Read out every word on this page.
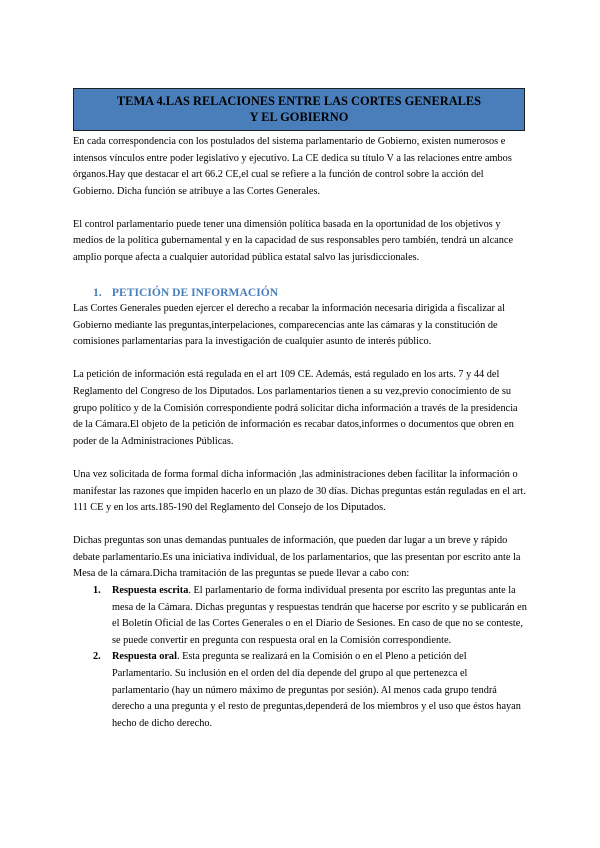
TEMA 4.LAS RELACIONES ENTRE LAS CORTES GENERALES
Y EL GOBIERNO

En cada correspondencia con los postulados del sistema parlamentario de Gobierno, existen numerosos e intensos vínculos entre poder legislativo y ejecutivo. La CE dedica su título V a las relaciones entre ambos órganos.Hay que destacar el art 66.2 CE,el cual se refiere a la función de control sobre la acción del Gobierno. Dicha función se atribuye a las Cortes Generales.

El control parlamentario puede tener una dimensión política basada en la oportunidad de los objetivos y medios de la política gubernamental y en la capacidad de sus responsables pero también, tendrá un alcance amplio porque afecta a cualquier autoridad pública estatal salvo las jurisdiccionales.

1. PETICIÓN DE INFORMACIÓN

Las Cortes Generales pueden ejercer el derecho a recabar la información necesaria dirigida a fiscalizar al Gobierno mediante las preguntas,interpelaciones, comparecencias ante las cámaras y la constitución de comisiones parlamentarias para la investigación de cualquier asunto de interés público.

La petición de información está regulada en el art 109 CE. Además, está regulado en los arts. 7 y 44 del Reglamento del Congreso de los Diputados. Los parlamentarios tienen a su vez,previo conocimiento de su grupo político y de la Comisión correspondiente podrá solicitar dicha información a través de la presidencia de la Cámara.El objeto de la petición de información es recabar datos,informes o documentos que obren en poder de la Administraciones Públicas.

Una vez solicitada de forma formal dicha información ,las administraciones deben facilitar la información o manifestar las razones que impiden hacerlo en un plazo de 30 días. Dichas preguntas están reguladas en el art. 111 CE y en los arts.185-190 del Reglamento del Consejo de los Diputados.

Dichas preguntas son unas demandas puntuales de información, que pueden dar lugar a un breve y rápido debate parlamentario.Es una iniciativa individual, de los parlamentarios, que las presentan por escrito ante la Mesa de la cámara.Dicha tramitación de las preguntas se puede llevar a cabo con:

1. Respuesta escrita. El parlamentario de forma individual presenta por escrito las preguntas ante la mesa de la Cámara. Dichas preguntas y respuestas tendrán que hacerse por escrito y se publicarán en el Boletín Oficial de las Cortes Generales o en el Diario de Sesiones. En caso de que no se conteste, se puede convertir en pregunta con respuesta oral en la Comisión correspondiente.
2. Respuesta oral. Esta pregunta se realizará en la Comisión o en el Pleno a petición del Parlamentario. Su inclusión en el orden del día depende del grupo al que pertenezca el parlamentario (hay un número máximo de preguntas por sesión). Al menos cada grupo tendrá derecho a una pregunta y el resto de preguntas,dependerá de los miembros y el uso que éstos hayan hecho de dicho derecho.
